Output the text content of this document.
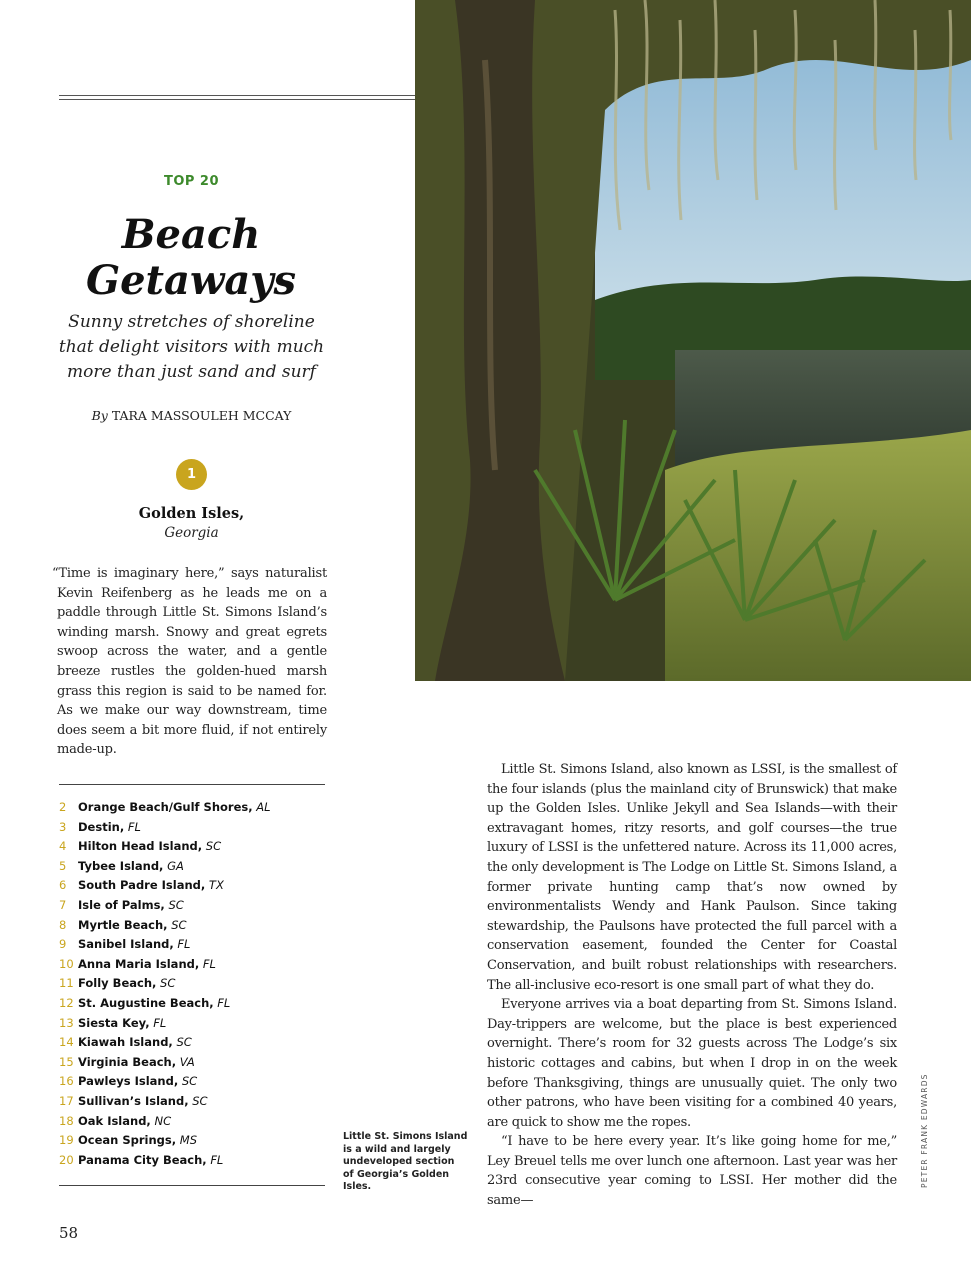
TOP 20
Beach
Getaways
Sunny stretches of shoreline that delight visitors with much more than just sand and surf
By TARA MASSOULEH MCCAY
1
Golden Isles,
Georgia

“Time is imaginary here,” says naturalist Kevin Reifenberg as he leads me on a paddle through Little St. Simons Island’s winding marsh. Snowy and great egrets swoop across the water, and a gentle breeze rustles the golden-hued marsh grass this region is said to be named for. As we make our way downstream, time does seem a bit more fluid, if not entirely made-up.

2 Orange Beach/Gulf Shores, AL
3 Destin, FL
4 Hilton Head Island, SC
5 Tybee Island, GA
6 South Padre Island, TX
7 Isle of Palms, SC
8 Myrtle Beach, SC
9 Sanibel Island, FL
10 Anna Maria Island, FL
11 Folly Beach, SC
12 St. Augustine Beach, FL
13 Siesta Key, FL
14 Kiawah Island, SC
15 Virginia Beach, VA
16 Pawleys Island, SC
17 Sullivan’s Island, SC
18 Oak Island, NC
19 Ocean Springs, MS
20 Panama City Beach, FL

Little St. Simons Island is a wild and largely undeveloped section of Georgia’s Golden Isles.

Little St. Simons Island, also known as LSSI, is the smallest of the four islands (plus the mainland city of Brunswick) that make up the Golden Isles. Unlike Jekyll and Sea Islands—with their extravagant homes, ritzy resorts, and golf courses—the true luxury of LSSI is the unfettered nature. Across its 11,000 acres, the only development is The Lodge on Little St. Simons Island, a former private hunting camp that’s now owned by environmentalists Wendy and Hank Paulson. Since taking stewardship, the Paulsons have protected the full parcel with a conservation easement, founded the Center for Coastal Conservation, and built robust relationships with researchers. The all-inclusive eco-resort is one small part of what they do.

Everyone arrives via a boat departing from St. Simons Island. Day-trippers are welcome, but the place is best experienced overnight. There’s room for 32 guests across The Lodge’s six historic cottages and cabins, but when I drop in on the week before Thanksgiving, things are unusually quiet. The only two other patrons, who have been visiting for a combined 40 years, are quick to show me the ropes.

“I have to be here every year. It’s like going home for me,” Ley Breuel tells me over lunch one afternoon. Last year was her 23rd consecutive year coming to LSSI. Her mother did the same—

PETER FRANK EDWARDS
58
